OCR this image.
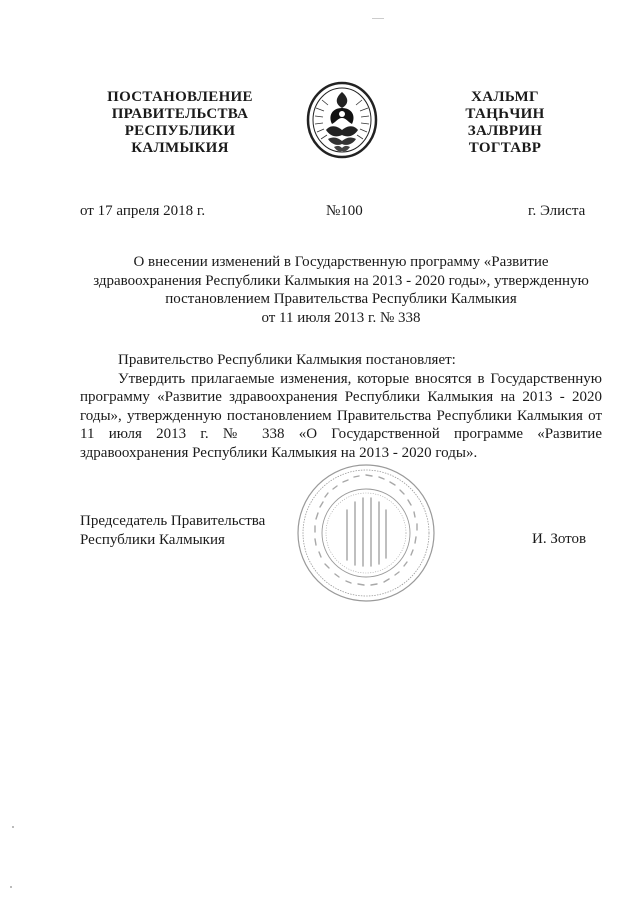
ПОСТАНОВЛЕНИЕ
ПРАВИТЕЛЬСТВА
РЕСПУБЛИКИ
КАЛМЫКИЯ
ХАЛЬМГ
ТАҢҺЧИН
ЗАЛВРИН
ТОГТАВР
от 17 апреля 2018 г.	№100	г. Элиста
О внесении изменений в Государственную программу «Развитие
здравоохранения Республики Калмыкия на 2013 - 2020 годы», утвержденную
постановлением Правительства Республики Калмыкия
от 11 июля 2013 г. № 338
Правительство Республики Калмыкия постановляет:
Утвердить прилагаемые изменения, которые вносятся в Государственную
программу «Развитие здравоохранения Республики Калмыкия на 2013 - 2020
годы», утвержденную постановлением Правительства Республики Калмыкия от
11 июля 2013 г. № 338 «О Государственной программе «Развитие
здравоохранения Республики Калмыкия на 2013 - 2020 годы».
Председатель Правительства
Республики Калмыкия	И. Зотов
